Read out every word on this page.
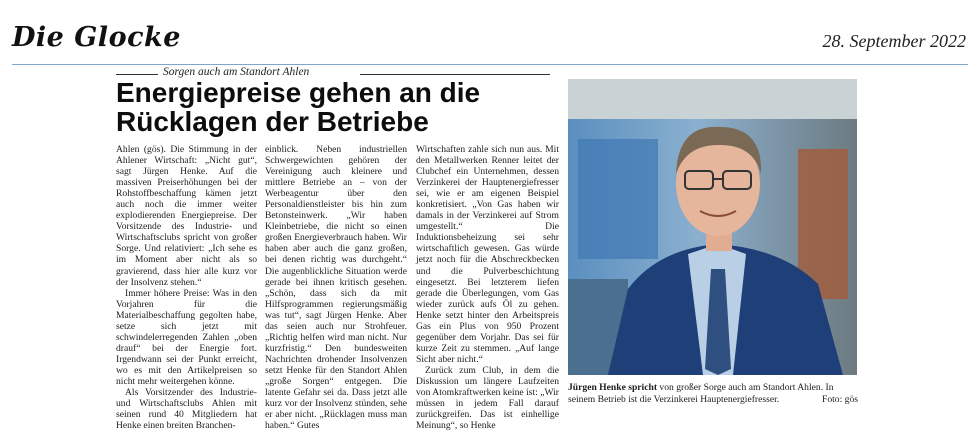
Die Glocke	28. September 2022
Sorgen auch am Standort Ahlen
Energiepreise gehen an die Rücklagen der Betriebe

Ahlen (gös). Die Stimmung in der Ahlener Wirtschaft: „Nicht gut“, sagt Jürgen Henke. Auf die massiven Preiserhöhungen bei der Rohstoffbeschaffung kämen jetzt auch noch die immer weiter explodierenden Energiepreise. Der Vorsitzende des Industrie- und Wirtschaftsclubs spricht von großer Sorge. Und relativiert: „Ich sehe es im Moment aber nicht als so gravierend, dass hier alle kurz vor der Insolvenz stehen.“

Immer höhere Preise: Was in den Vorjahren für die Materialbeschaffung gegolten habe, setze sich jetzt mit schwindelerregenden Zahlen „oben drauf“ bei der Energie fort. Irgendwann sei der Punkt erreicht, wo es mit den Artikelpreisen so nicht mehr weitergehen könne.

Als Vorsitzender des Industrie- und Wirtschaftsclubs Ahlen mit seinen rund 40 Mitgliedern hat Henke einen breiten Branchen-

einblick. Neben industriellen Schwergewichten gehören der Vereinigung auch kleinere und mittlere Betriebe an – von der Werbeagentur über den Personaldienstleister bis hin zum Betonsteinwerk. „Wir haben Kleinbetriebe, die nicht so einen großen Energieverbrauch haben. Wir haben aber auch die ganz großen, bei denen richtig was durchgeht.“ Die augenblickliche Situation werde gerade bei ihnen kritisch gesehen. „Schön, dass sich da mit Hilfsprogrammen regierungsmäßig was tut“, sagt Jürgen Henke. Aber das seien auch nur Strohfeuer. „Richtig helfen wird man nicht. Nur kurzfristig.“ Den bundesweiten Nachrichten drohender Insolvenzen setzt Henke für den Standort Ahlen „große Sorgen“ entgegen. Die latente Gefahr sei da. Dass jetzt alle kurz vor der Insolvenz stünden, sehe er aber nicht. „Rücklagen muss man haben.“ Gutes

Wirtschaften zahle sich nun aus. Mit den Metallwerken Renner leitet der Clubchef ein Unternehmen, dessen Verzinkerei der Hauptenergiefresser sei, wie er am eigenen Beispiel konkretisiert. „Von Gas haben wir damals in der Verzinkerei auf Strom umgestellt.“ Die Induktionsbeheizung sei sehr wirtschaftlich gewesen. Gas würde jetzt noch für die Abschreckbecken und die Pulverbeschichtung eingesetzt. Bei letzterem liefen gerade die Überlegungen, vom Gas wieder zurück aufs Öl zu gehen. Henke setzt hinter den Arbeitspreis Gas ein Plus von 950 Prozent gegenüber dem Vorjahr. Das sei für kurze Zeit zu stemmen. „Auf lange Sicht aber nicht.“

Zurück zum Club, in dem die Diskussion um längere Laufzeiten von Atomkraftwerken keine ist: „Wir müssen in jedem Fall darauf zurückgreifen. Das ist einhellige Meinung“, so Henke

Jürgen Henke spricht von großer Sorge auch am Standort Ahlen. In seinem Betrieb ist die Verzinkerei Hauptenergiefresser.	Foto: gös
